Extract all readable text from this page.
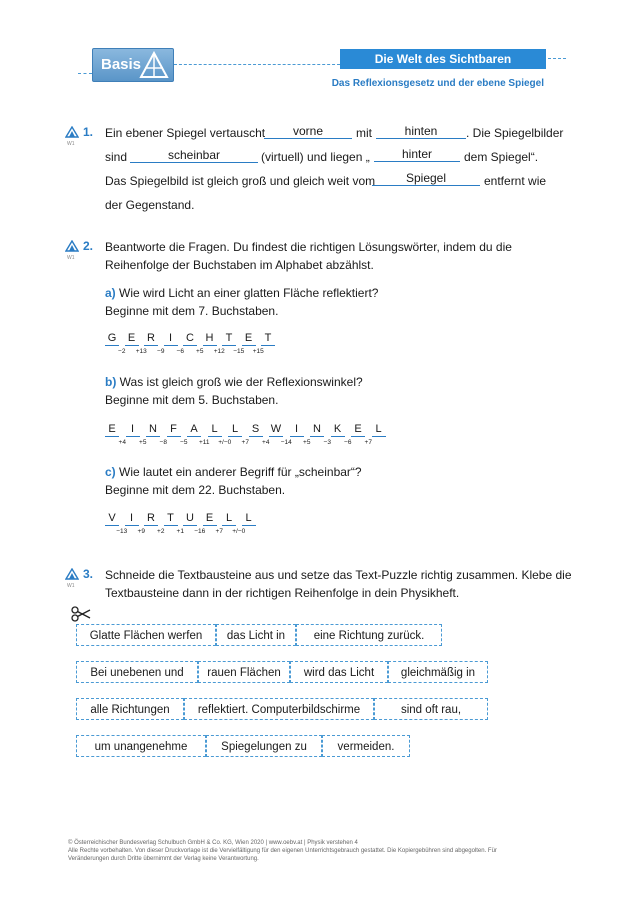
Basis	Die Welt des Sichtbaren
Das Reflexionsgesetz und der ebene Spiegel
W1
1. Ein ebener Spiegel vertauscht	vorne	mit	hinten	. Die Spiegelbilder
sind	scheinbar	(virtuell) und liegen „	hinter	dem Spiegel“.
Das Spiegelbild ist gleich groß und gleich weit vom	Spiegel	entfernt wie
der Gegenstand.
W1
2. Beantworte die Fragen. Du findest die richtigen Lösungswörter, indem du die
Reihenfolge der Buchstaben im Alphabet abzählst.
a) Wie wird Licht an einer glatten Fläche reflektiert?
Beginne mit dem 7. Buchstaben.
G	E	R	I	C H	T	E	T
−2	+13	−9	−6	+5	+12	−15	+15
b) Was ist gleich groß wie der Reflexionswinkel?
Beginne mit dem 5. Buchstaben.
E	I	N	F	A	L	L	S	W	I	N	K	E	L
+4	+5	−8	−5	+11	+/−0	+7	+4	−14	+5	−3	−6	+7
c) Wie lautet ein anderer Begriff für „scheinbar“?
Beginne mit dem 22. Buchstaben.
V	I	R	T	U	E	L	L
−13	+9	+2	+1	−16	+7	+/−0
W1
3. Schneide die Textbausteine aus und setze das Text-Puzzle richtig zusammen. Klebe die
Textbausteine dann in der richtigen Reihenfolge in dein Physikheft.
Glatte Flächen werfen	das Licht in	eine Richtung zurück.
Bei unebenen und	rauen Flächen	wird das Licht	gleichmäßig in
alle Richtungen	reflektiert. Computerbildschirme	sind oft rau,
um unangenehme	Spiegelungen zu	vermeiden.
© Österreichischer Bundesverlag Schulbuch GmbH & Co. KG, Wien 2020 | www.oebv.at | Physik verstehen 4
Alle Rechte vorbehalten. Von dieser Druckvorlage ist die Vervielfältigung für den eigenen Unterrichtsgebrauch gestattet. Die Kopiergebühren sind abgegolten. Für
Veränderungen durch Dritte übernimmt der Verlag keine Verantwortung.
